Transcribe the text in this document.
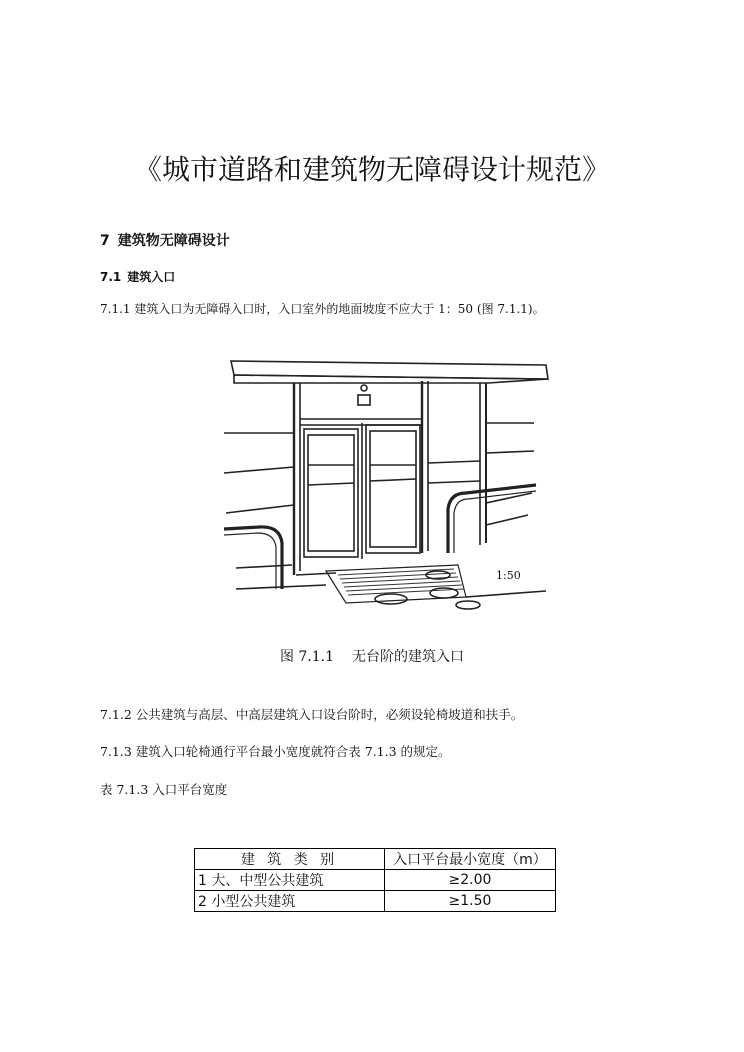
《城市道路和建筑物无障碍设计规范》
7 建筑物无障碍设计
7.1 建筑入口
7.1.1 建筑入口为无障碍入口时，入口室外的地面坡度不应大于 1：50 (图 7.1.1)。
1:50
图 7.1.1 无台阶的建筑入口
7.1.2 公共建筑与高层、中高层建筑入口设台阶时，必须设轮椅坡道和扶手。
7.1.3 建筑入口轮椅通行平台最小宽度就符合表 7.1.3 的规定。
表 7.1.3 入口平台宽度
建 筑 类 别	入口平台最小宽度（m）
1 大、中型公共建筑	≥2.00
2 小型公共建筑	≥1.50
